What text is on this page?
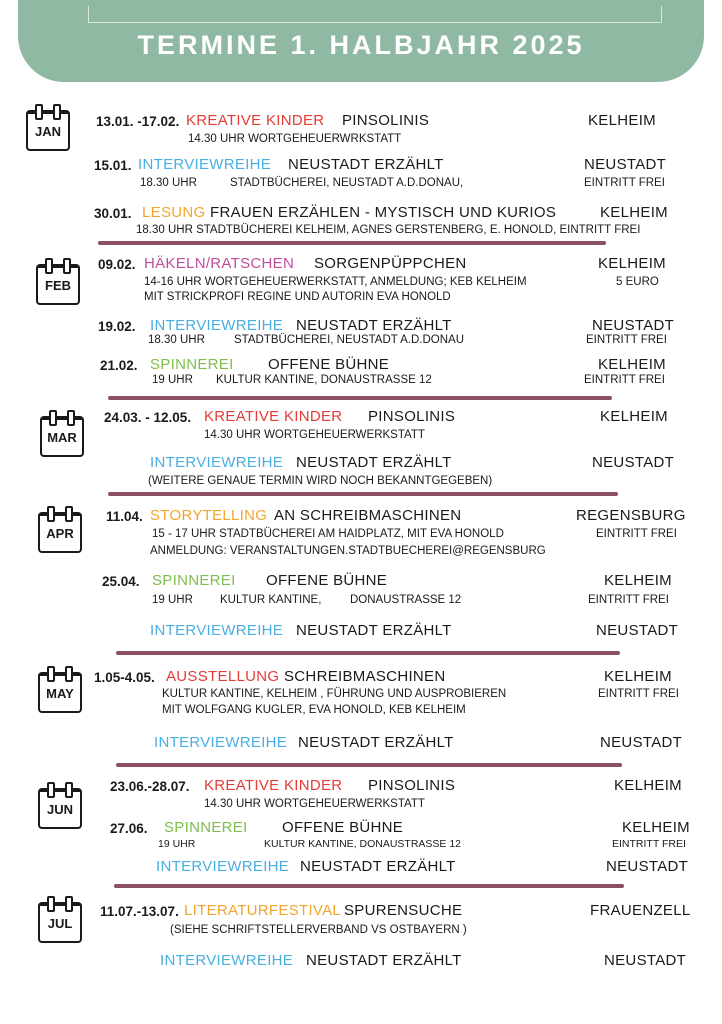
TERMINE 1. HALBJAHR 2025
JAN
FEB
MAR
APR
MAY
JUN
JUL
13.01. -17.02. KREATIVE KINDER PINSOLINIS	KELHEIM
14.30 UHR WORTGEHEUERWRKSTATT
15.01. INTERVIEWREIHE NEUSTADT ERZÄHLT	NEUSTADT
18.30 UHR	STADTBÜCHEREI, NEUSTADT A.D.DONAU,	EINTRITT FREI
30.01. LESUNG FRAUEN ERZÄHLEN - MYSTISCH UND KURIOS	KELHEIM
18.30 UHR STADTBÜCHEREI KELHEIM, AGNES GERSTENBERG, E. HONOLD, EINTRITT FREI
09.02. HÄKELN/RATSCHEN SORGENPÜPPCHEN	KELHEIM
14-16 UHR WORTGEHEUERWERKSTATT, ANMELDUNG; KEB KELHEIM	5 EURO
MIT STRICKPROFI REGINE UND AUTORIN EVA HONOLD
19.02. INTERVIEWREIHE NEUSTADT ERZÄHLT	NEUSTADT
18.30 UHR	STADTBÜCHEREI, NEUSTADT A.D.DONAU	EINTRITT FREI
21.02. SPINNEREI OFFENE BÜHNE	KELHEIM
19 UHR KULTUR KANTINE, DONAUSTRASSE 12	EINTRITT FREI
24.03. - 12.05. KREATIVE KINDER PINSOLINIS	KELHEIM
14.30 UHR WORTGEHEUERWERKSTATT
INTERVIEWREIHE NEUSTADT ERZÄHLT	NEUSTADT
(WEITERE GENAUE TERMIN WIRD NOCH BEKANNTGEGEBEN)
11.04. STORYTELLING AN SCHREIBMASCHINEN	REGENSBURG
15 - 17 UHR STADTBÜCHEREI AM HAIDPLATZ, MIT EVA HONOLD	EINTRITT FREI
ANMELDUNG: VERANSTALTUNGEN.STADTBUECHEREI@REGENSBURG
25.04. SPINNEREI OFFENE BÜHNE	KELHEIM
19 UHR KULTUR KANTINE, DONAUSTRASSE 12	EINTRITT FREI
INTERVIEWREIHE NEUSTADT ERZÄHLT	NEUSTADT
1.05-4.05. AUSSTELLUNG SCHREIBMASCHINEN	KELHEIM
KULTUR KANTINE, KELHEIM , FÜHRUNG UND AUSPROBIEREN	EINTRITT FREI
MIT WOLFGANG KUGLER, EVA HONOLD, KEB KELHEIM
INTERVIEWREIHE NEUSTADT ERZÄHLT	NEUSTADT
23.06.-28.07. KREATIVE KINDER PINSOLINIS	KELHEIM
14.30 UHR WORTGEHEUERWERKSTATT
27.06. SPINNEREI OFFENE BÜHNE	KELHEIM
19 UHR	KULTUR KANTINE, DONAUSTRASSE 12	EINTRITT FREI
INTERVIEWREIHE NEUSTADT ERZÄHLT	NEUSTADT
11.07.-13.07. LITERATURFESTIVAL SPURENSUCHE	FRAUENZELL
(SIEHE SCHRIFTSTELLERVERBAND VS OSTBAYERN )
INTERVIEWREIHE NEUSTADT ERZÄHLT	NEUSTADT
